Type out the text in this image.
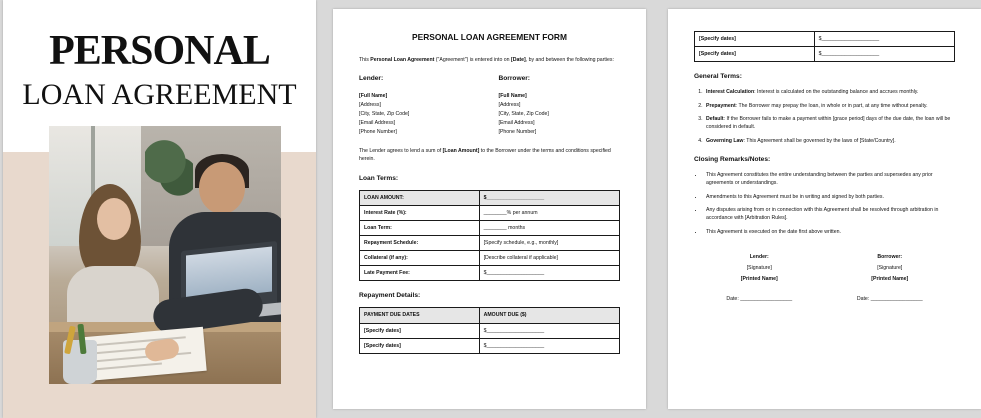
PERSONAL
LOAN AGREEMENT
PERSONAL LOAN AGREEMENT FORM

This Personal Loan Agreement ("Agreement") is entered into on [Date], by and between the following parties:

Lender:
[Full Name]
[Address]
[City, State, Zip Code]
[Email Address]
[Phone Number]
Borrower:
[Full Name]
[Address]
[City, State, Zip Code]
[Email Address]
[Phone Number]

The Lender agrees to lend a sum of [Loan Amount] to the Borrower under the terms and conditions specified herein.

Loan Terms:
LOAN AMOUNT:	$____________________
Interest Rate (%):	________% per annum
Loan Term:	________ months
Repayment Schedule:	[Specify schedule, e.g., monthly]
Collateral (if any):	[Describe collateral if applicable]
Late Payment Fee:	$____________________
Repayment Details:
PAYMENT DUE DATES	AMOUNT DUE ($)
[Specify dates]	$____________________
[Specify dates]	$____________________
[Specify dates]	$____________________
[Specify dates]	$____________________
General Terms:
1. Interest Calculation: Interest is calculated on the outstanding balance and accrues monthly.
2. Prepayment: The Borrower may prepay the loan, in whole or in part, at any time without penalty.
3. Default: If the Borrower fails to make a payment within [grace period] days of the due date, the loan will be considered in default.
4. Governing Law: This Agreement shall be governed by the laws of [State/Country].
Closing Remarks/Notes:
• This Agreement constitutes the entire understanding between the parties and supersedes any prior agreements or understandings.
• Amendments to this Agreement must be in writing and signed by both parties.
• Any disputes arising from or in connection with this Agreement shall be resolved through arbitration in accordance with [Arbitration Rules].
• This Agreement is executed on the date first above written.
Lender:
[Signature]
[Printed Name]
Borrower:
[Signature]
[Printed Name]
Date: __________________	Date: __________________
